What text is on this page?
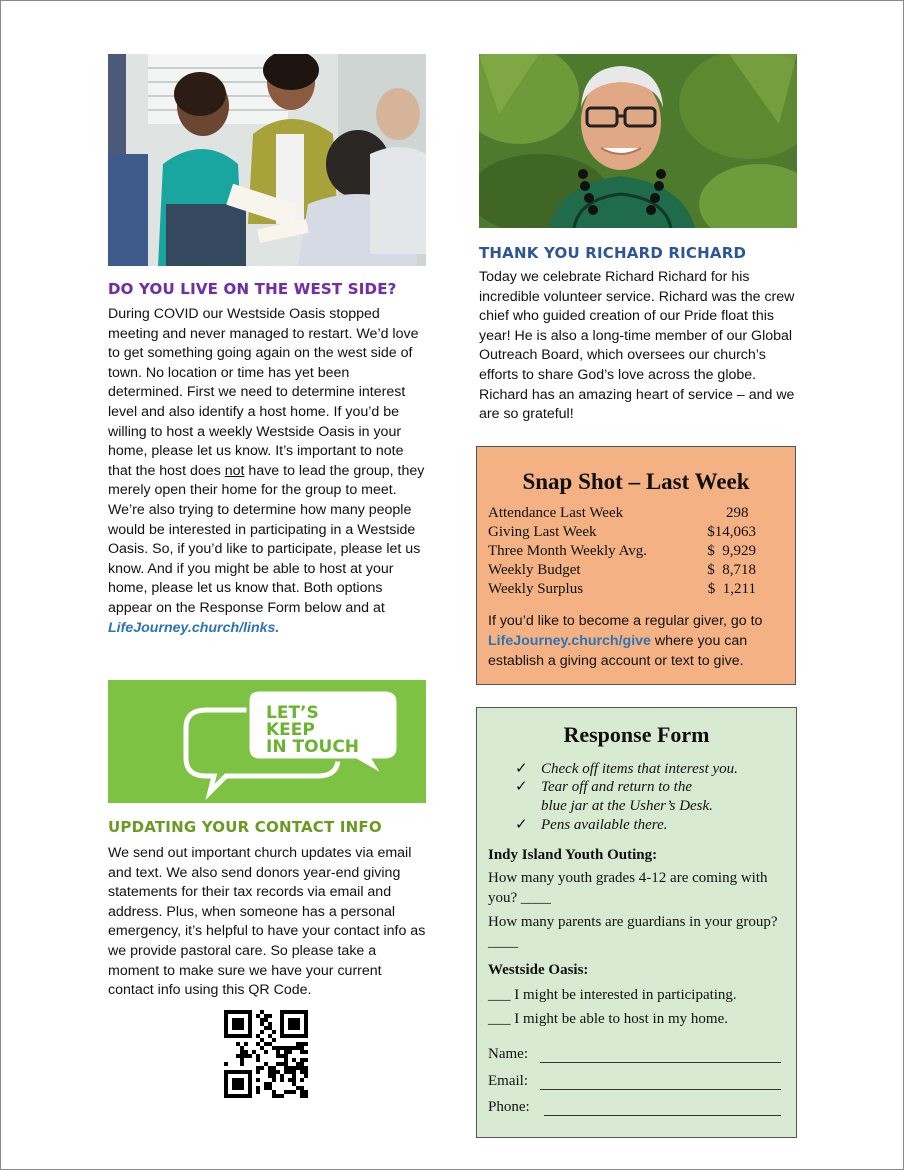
DO YOU LIVE ON THE WEST SIDE?

During COVID our Westside Oasis stopped meeting and never managed to restart. We’d love to get something going again on the west side of town. No location or time has yet been determined. First we need to determine interest level and also identify a host home. If you’d be willing to host a weekly Westside Oasis in your home, please let us know. It’s important to note that the host does not have to lead the group, they merely open their home for the group to meet. We’re also trying to determine how many people would be interested in participating in a Westside Oasis. So, if you’d like to participate, please let us know. And if you might be able to host at your home, please let us know that. Both options appear on the Response Form below and at LifeJourney.church/links.

LET’S
KEEP
IN TOUCH
UPDATING YOUR CONTACT INFO
We send out important church updates via email and text. We also send donors year-end giving statements for their tax records via email and address. Plus, when someone has a personal emergency, it’s helpful to have your contact info as we provide pastoral care. So please take a moment to make sure we have your current contact info using this QR Code.
THANK YOU RICHARD RICHARD
Today we celebrate Richard Richard for his incredible volunteer service. Richard was the crew chief who guided creation of our Pride float this year! He is also a long-time member of our Global Outreach Board, which oversees our church’s efforts to share God’s love across the globe. Richard has an amazing heart of service – and we are so grateful!
Snap Shot – Last Week
Attendance Last Week	298
Giving Last Week	$14,063
Three Month Weekly Avg.	$  9,929
Weekly Budget	$  8,718
Weekly Surplus	$  1,211
If you’d like to become a regular giver, go to LifeJourney.church/give where you can establish a giving account or text to give.
Response Form
✓ Check off items that interest you.
✓ Tear off and return to the
blue jar at the Usher’s Desk.
✓ Pens available there.
Indy Island Youth Outing:
How many youth grades 4-12 are coming with you? ____
How many parents are guardians in your group? ____
Westside Oasis:
___ I might be interested in participating.
___ I might be able to host in my home.
Name:
Email:
Phone:
